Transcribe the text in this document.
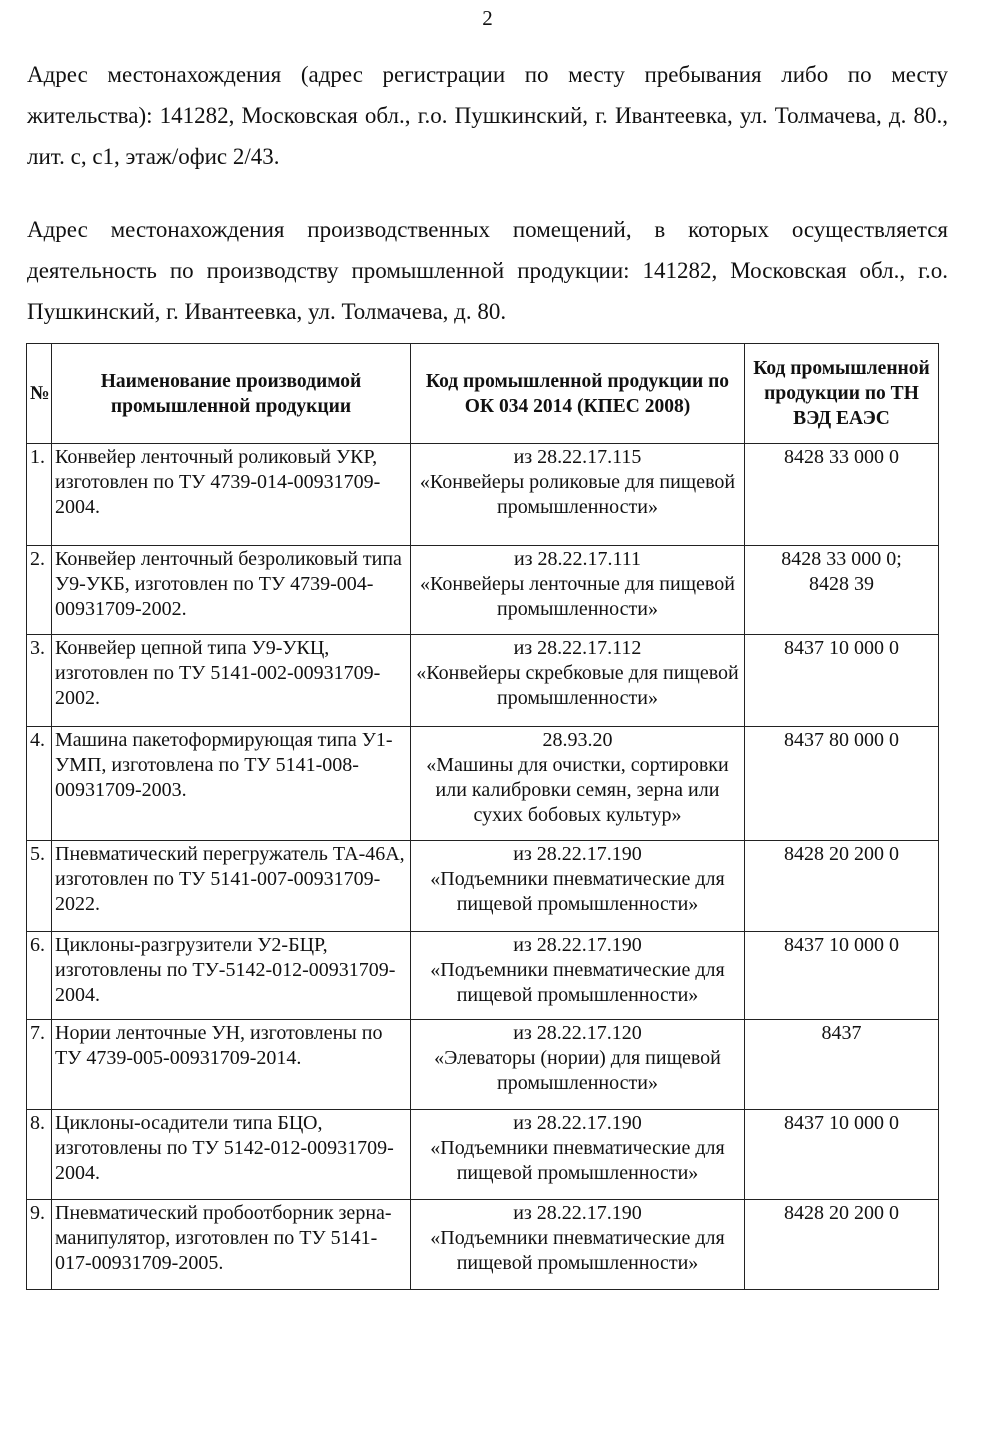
2

Адрес местонахождения (адрес регистрации по месту пребывания либо по месту жительства): 141282, Московская обл., г.о. Пушкинский, г. Ивантеевка, ул. Толмачева, д. 80., лит. с, с1, этаж/офис 2/43.

Адрес местонахождения производственных помещений, в которых осуществляется деятельность по производству промышленной продукции: 141282, Московская обл., г.о. Пушкинский, г. Ивантеевка, ул. Толмачева, д. 80.

№	Наименование производимой промышленной продукции	Код промышленной продукции по ОК 034 2014 (КПЕС 2008)	Код промышленной продукции по ТН ВЭД ЕАЭС
1.	Конвейер ленточный роликовый УКР, изготовлен по ТУ 4739-014-00931709-2004.	из 28.22.17.115
«Конвейеры роликовые для пищевой промышленности»	8428 33 000 0

2.	Конвейер ленточный безроликовый типа У9-УКБ, изготовлен по ТУ 4739-004-00931709-2002.	из 28.22.17.111
«Конвейеры ленточные для пищевой промышленности»	8428 33 000 0;
8428 39

3.	Конвейер цепной типа У9-УКЦ, изготовлен по ТУ 5141-002-00931709-2002.	из 28.22.17.112
«Конвейеры скребковые для пищевой промышленности»	8437 10 000 0

4.	Машина пакетоформирующая типа У1-УМП, изготовлена по ТУ 5141-008-00931709-2003.	28.93.20
«Машины для очистки, сортировки или калибровки семян, зерна или сухих бобовых культур»	8437 80 000 0

5.	Пневматический перегружатель ТА-46А, изготовлен по ТУ 5141-007-00931709-2022.	из 28.22.17.190
«Подъемники пневматические для пищевой промышленности»	8428 20 200 0

6.	Циклоны-разгрузители У2-БЦР, изготовлены по ТУ-5142-012-00931709-2004.	из 28.22.17.190
«Подъемники пневматические для пищевой промышленности»	8437 10 000 0

7.	Нории ленточные УН, изготовлены по ТУ 4739-005-00931709-2014.	из 28.22.17.120
«Элеваторы (нории) для пищевой промышленности»	8437

8.	Циклоны-осадители типа БЦО, изготовлены по ТУ 5142-012-00931709-2004.	из 28.22.17.190
«Подъемники пневматические для пищевой промышленности»	8437 10 000 0

9.	Пневматический пробоотборник зерна-манипулятор, изготовлен по ТУ 5141-017-00931709-2005.	из 28.22.17.190
«Подъемники пневматические для пищевой промышленности»	8428 20 200 0
